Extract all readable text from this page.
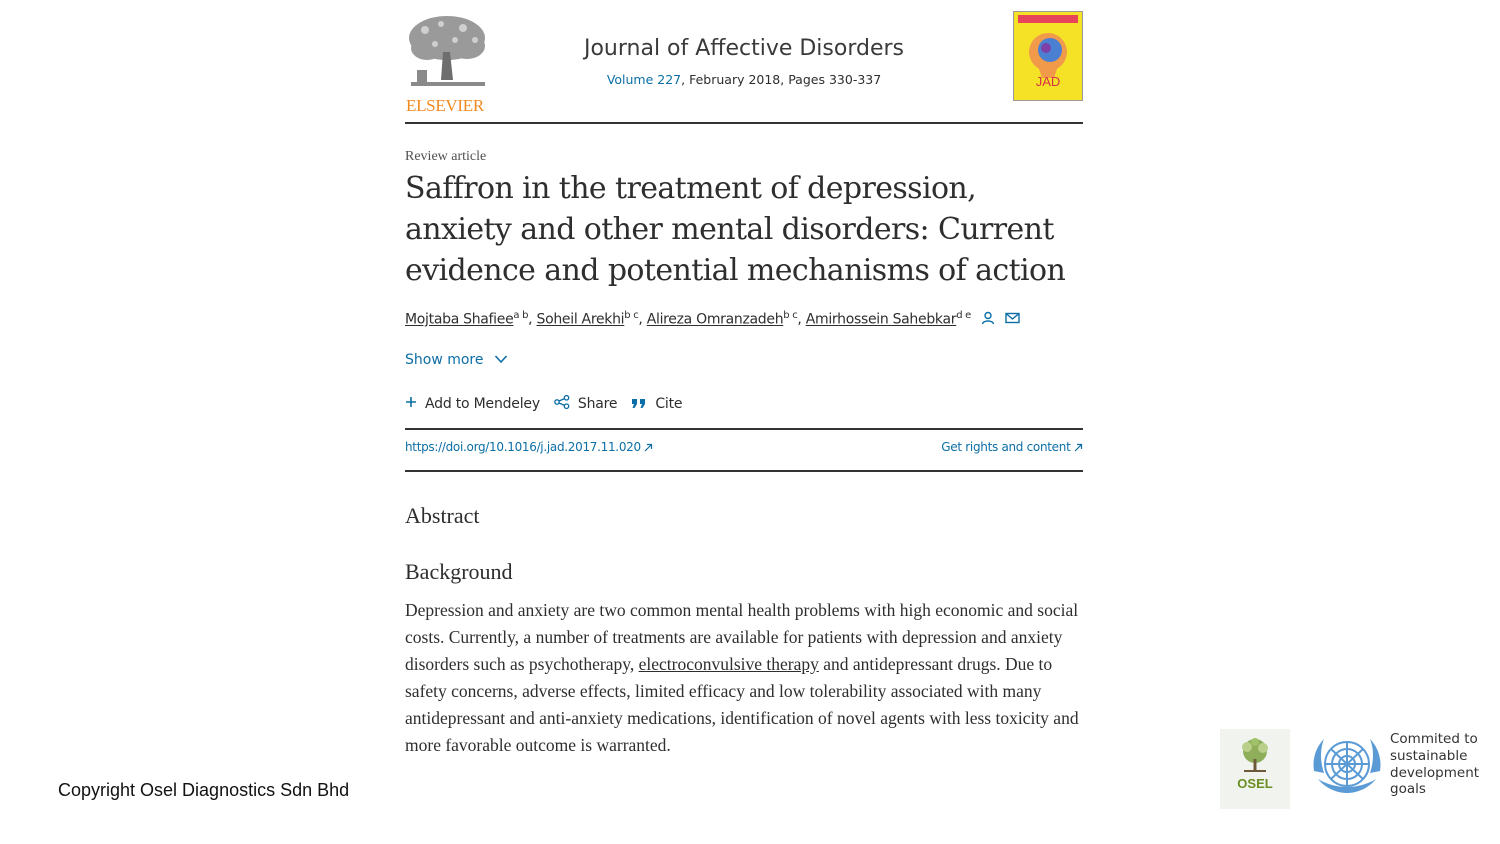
ELSEVIER
Journal of Affective Disorders
Volume 227, February 2018, Pages 330-337	JAD
Review article
Saffron in the treatment of depression, anxiety and other mental disorders: Current evidence and potential mechanisms of action
Mojtaba Shafiee$^{a b}$, Soheil Arekhi$^{b c}$, Alireza Omranzadeh$^{b c}$, Amirhossein Sahebkar$^{d e}$
Show more
Add to Mendeley	Share	Cite
https://doi.org/10.1016/j.jad.2017.11.020	Get rights and content
Abstract
Background

Depression and anxiety are two common mental health problems with high economic and social costs. Currently, a number of treatments are available for patients with depression and anxiety disorders such as psychotherapy, electroconvulsive therapy and antidepressant drugs. Due to safety concerns, adverse effects, limited efficacy and low tolerability associated with many antidepressant and anti-anxiety medications, identification of novel agents with less toxicity and more favorable outcome is warranted.

Copyright Osel Diagnostics Sdn Bhd	OSEL
Commited to sustainable development goals
